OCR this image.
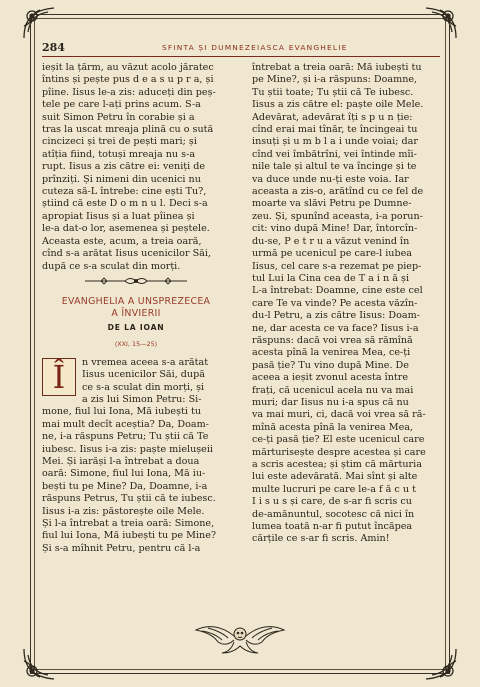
284	SFINTA ȘI DUMNEZEIASCA EVANGHELIE

ieșit la țărm, au văzut acolo jăratec
întins și pește pus d e a s u p r a, și
pîine. Iisus le-a zis: aduceți din peș-
tele pe care l-ați prins acum. S-a
suit Simon Petru în corabie și a
tras la uscat mreaja plină cu o sută
cincizeci și trei de pești mari; și
atîția fiind, totuși mreaja nu s-a
rupt. Iisus a zis către ei: veniți de
prînziți. Și nimeni din ucenici nu
cuteza să-L întrebe: cine ești Tu?,
știind că este D o m n u l. Deci s-a
apropiat Iisus și a luat pîinea și
le-a dat-o lor, asemenea și peștele.
Aceasta este, acum, a treia oară,
cînd s-a arătat Iisus ucenicilor Săi,
după ce s-a sculat din morți.

EVANGHELIA A UNSPREZECEA
A ÎNVIERII
DE LA IOAN
(XXI, 15—25)
Î n vremea aceea s-a arătat
Iisus ucenicilor Săi, după
ce s-a sculat din morți, și
a zis lui Simon Petru: Si-

mone, fiul lui Iona, Mă iubești tu
mai mult decît aceștia? Da, Doam-
ne, i-a răspuns Petru; Tu știi că Te
iubesc. Iisus i-a zis: paște mielușeii
Mei. Și iarăși l-a întrebat a doua
oară: Simone, fiul lui Iona, Mă iu-
bești tu pe Mine? Da, Doamne, i-a
răspuns Petrus, Tu știi că te iubesc.
Iisus i-a zis: păstorește oile Mele.
Și l-a întrebat a treia oară: Simone,
fiul lui Iona, Mă iubești tu pe Mine?
Și s-a mîhnit Petru, pentru că l-a

întrebat a treia oară: Mă iubești tu
pe Mine?, și i-a răspuns: Doamne,
Tu știi toate; Tu știi că Te iubesc.
Iisus a zis către el: paște oile Mele.
Adevărat, adevărat îți s p u n ție:
cînd erai mai tînăr, te încingeai tu
insuți și u m b l a i unde voiai; dar
cînd vei îmbătrîni, vei întinde mîi-
nile tale și altul te va încinge și te
va duce unde nu-ți este voia. Iar
aceasta a zis-o, arătînd cu ce fel de
moarte va slăvi Petru pe Dumne-
zeu. Și, spunînd aceasta, i-a porun-
cit: vino după Mine! Dar, întorcîn-
du-se, P e t r u a văzut venind în
urmă pe ucenicul pe care-l iubea
Iisus, cel care s-a rezemat pe piep-
tul Lui la Cina cea de T a i n ă și
L-a întrebat: Doamne, cine este cel
care Te va vinde? Pe acesta văzîn-
du-l Petru, a zis către Iisus: Doam-
ne, dar acesta ce va face? Iisus i-a
răspuns: dacă voi vrea să rămînă
acesta pînă la venirea Mea, ce-ți
pasă ție? Tu vino după Mine. De
aceea a ieșit zvonul acesta între
frați, că ucenicul acela nu va mai
muri; dar Iisus nu i-a spus că nu
va mai muri, ci, dacă voi vrea să ră-
mînă acesta pînă la venirea Mea,
ce-ți pasă ție? El este ucenicul care
mărturisește despre acestea și care
a scris acestea; și știm că mărturia
lui este adevărată. Mai sînt și alte
multe lucruri pe care le-a f ă c u t
I i s u s și care, de s-ar fi scris cu
de-amănuntul, socotesc că nici în
lumea toată n-ar fi putut încăpea
cărțile ce s-ar fi scris. Amin!
